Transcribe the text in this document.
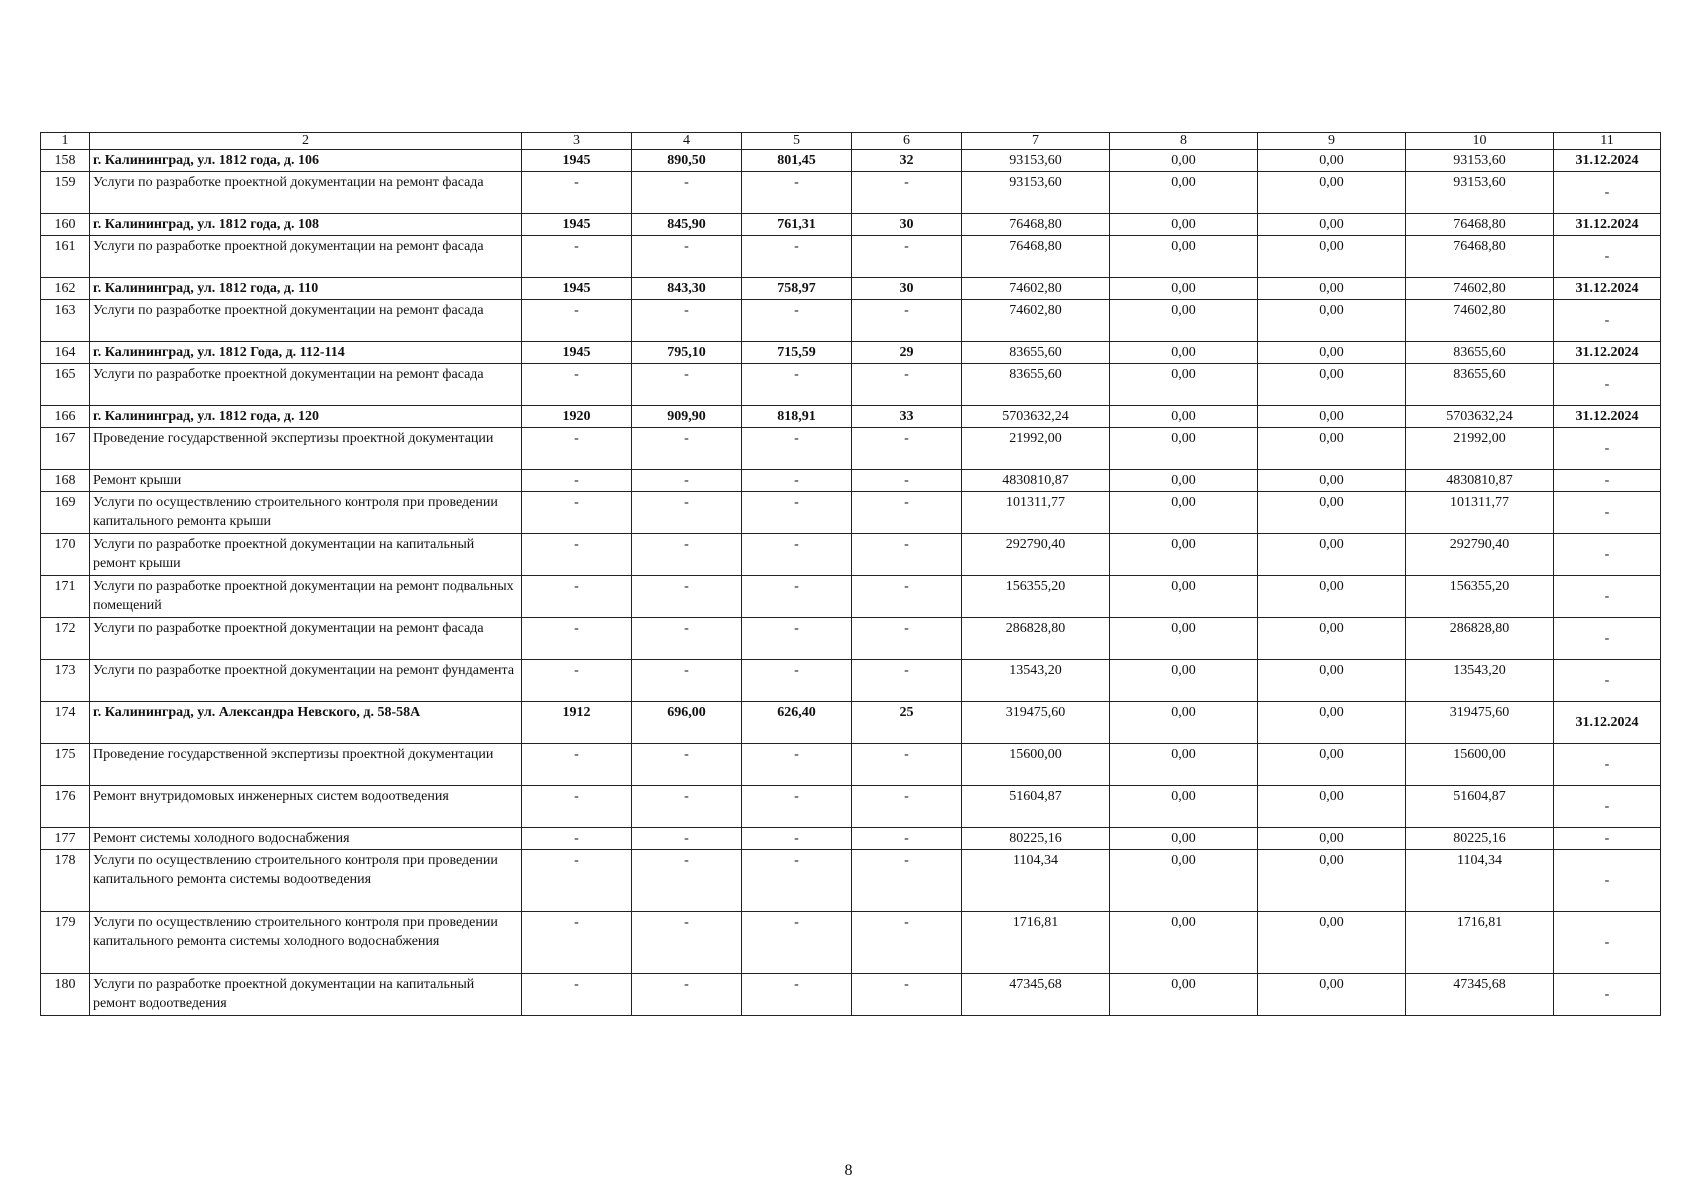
1	2	3	4	5	6	7	8	9	10	11
158	г. Калининград, ул. 1812 года, д. 106	1945	890,50	801,45	32	93153,60	0,00	0,00	93153,60	31.12.2024
159	Услуги по разработке проектной документации на ремонт фасада	-	-	-	-	93153,60	0,00	0,00	93153,60	-
160	г. Калининград, ул. 1812 года, д. 108	1945	845,90	761,31	30	76468,80	0,00	0,00	76468,80	31.12.2024
161	Услуги по разработке проектной документации на ремонт фасада	-	-	-	-	76468,80	0,00	0,00	76468,80	-
162	г. Калининград, ул. 1812 года, д. 110	1945	843,30	758,97	30	74602,80	0,00	0,00	74602,80	31.12.2024
163	Услуги по разработке проектной документации на ремонт фасада	-	-	-	-	74602,80	0,00	0,00	74602,80	-
164	г. Калининград, ул. 1812 Года, д. 112-114	1945	795,10	715,59	29	83655,60	0,00	0,00	83655,60	31.12.2024
165	Услуги по разработке проектной документации на ремонт фасада	-	-	-	-	83655,60	0,00	0,00	83655,60	-
166	г. Калининград, ул. 1812 года, д. 120	1920	909,90	818,91	33	5703632,24	0,00	0,00	5703632,24	31.12.2024
167	Проведение государственной экспертизы проектной документации	-	-	-	-	21992,00	0,00	0,00	21992,00	-
168	Ремонт крыши	-	-	-	-	4830810,87	0,00	0,00	4830810,87	-
169	Услуги по осуществлению строительного контроля при проведении капитального ремонта крыши	-	-	-	-	101311,77	0,00	0,00	101311,77	-
170	Услуги по разработке проектной документации на капитальный ремонт крыши	-	-	-	-	292790,40	0,00	0,00	292790,40	-
171	Услуги по разработке проектной документации на ремонт подвальных помещений	-	-	-	-	156355,20	0,00	0,00	156355,20	-
172	Услуги по разработке проектной документации на ремонт фасада	-	-	-	-	286828,80	0,00	0,00	286828,80	-
173	Услуги по разработке проектной документации на ремонт фундамента	-	-	-	-	13543,20	0,00	0,00	13543,20	-
174	г. Калининград, ул. Александра Невского, д. 58-58А	1912	696,00	626,40	25	319475,60	0,00	0,00	319475,60	31.12.2024
175	Проведение государственной экспертизы проектной документации	-	-	-	-	15600,00	0,00	0,00	15600,00	-
176	Ремонт внутридомовых инженерных систем водоотведения	-	-	-	-	51604,87	0,00	0,00	51604,87	-
177	Ремонт системы холодного водоснабжения	-	-	-	-	80225,16	0,00	0,00	80225,16	-
178	Услуги по осуществлению строительного контроля при проведении капитального ремонта системы водоотведения	-	-	-	-	1104,34	0,00	0,00	1104,34	-
179	Услуги по осуществлению строительного контроля при проведении капитального ремонта системы холодного водоснабжения	-	-	-	-	1716,81	0,00	0,00	1716,81	-
180	Услуги по разработке проектной документации на капитальный ремонт водоотведения	-	-	-	-	47345,68	0,00	0,00	47345,68	-
8
